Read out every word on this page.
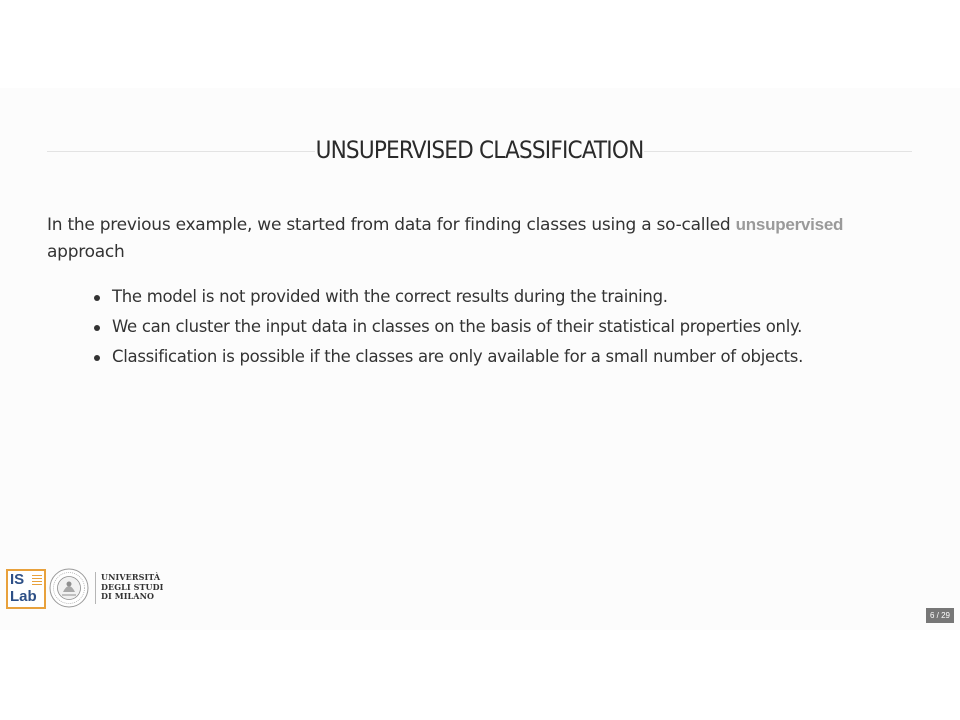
UNSUPERVISED CLASSIFICATION
In the previous example, we started from data for finding classes using a so-called unsupervised approach
The model is not provided with the correct results during the training.
We can cluster the input data in classes on the basis of their statistical properties only.
Classification is possible if the classes are only available for a small number of objects.
IS
Lab
UNIVERSITÀ
DEGLI STUDI
DI MILANO
6 / 29
